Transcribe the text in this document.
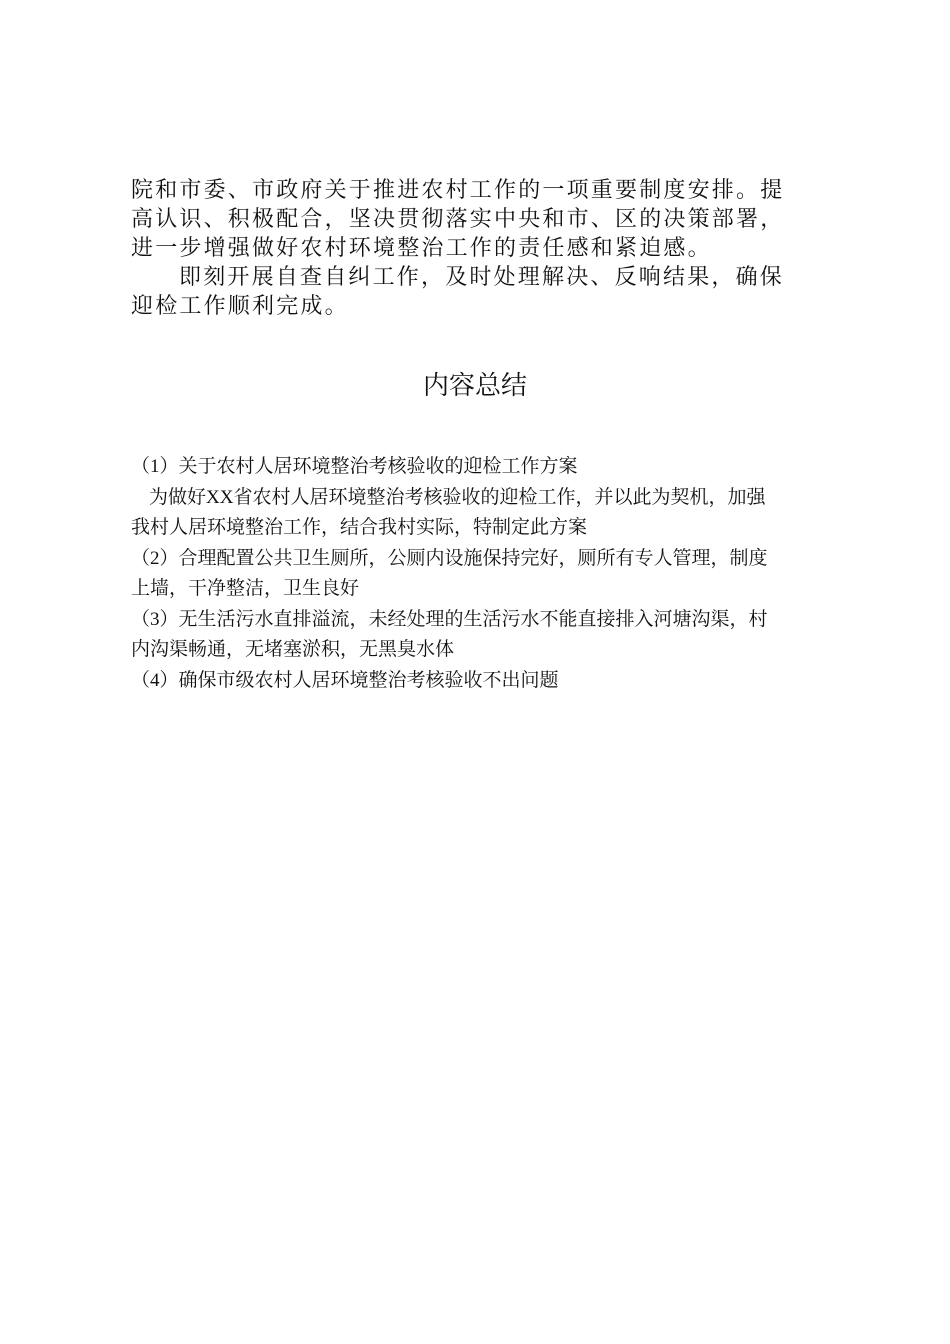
院和市委、市政府关于推进农村工作的一项重要制度安排。提

高认识、积极配合，坚决贯彻落实中央和市、区的决策部署，

进一步增强做好农村环境整治工作的责任感和紧迫感。

即刻开展自查自纠工作，及时处理解决、反响结果，确保

迎检工作顺利完成。

内容总结

（1）关于农村人居环境整治考核验收的迎检工作方案

为做好XX省农村人居环境整治考核验收的迎检工作，并以此为契机，加强

我村人居环境整治工作，结合我村实际，特制定此方案

（2）合理配置公共卫生厕所，公厕内设施保持完好，厕所有专人管理，制度

上墙，干净整洁，卫生良好

（3）无生活污水直排溢流，未经处理的生活污水不能直接排入河塘沟渠，村

内沟渠畅通，无堵塞淤积，无黑臭水体

（4）确保市级农村人居环境整治考核验收不出问题
